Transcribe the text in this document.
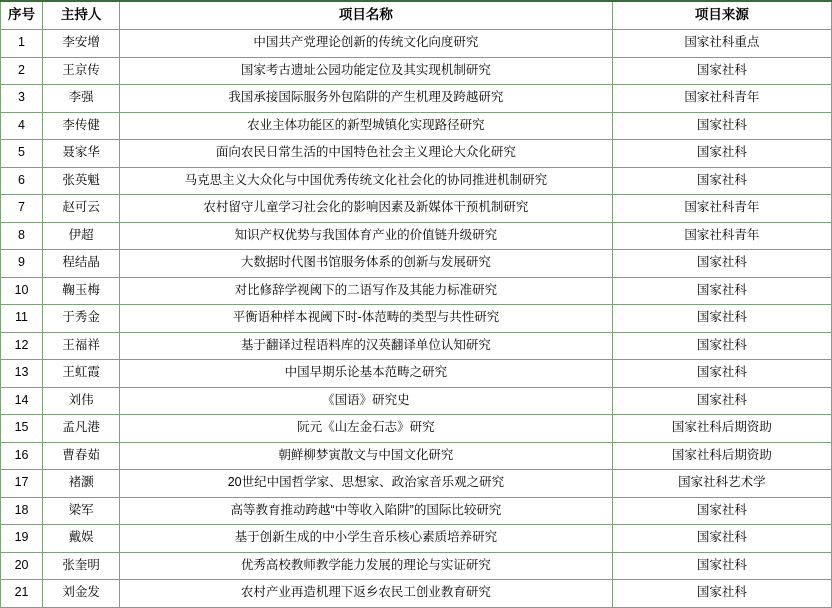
序号	主持人	项目名称	项目来源
1	李安增	中国共产党理论创新的传统文化向度研究	国家社科重点
2	王京传	国家考古遗址公园功能定位及其实现机制研究	国家社科
3	李强	我国承接国际服务外包陷阱的产生机理及跨越研究	国家社科青年
4	李传健	农业主体功能区的新型城镇化实现路径研究	国家社科
5	聂家华	面向农民日常生活的中国特色社会主义理论大众化研究	国家社科
6	张英魁	马克思主义大众化与中国优秀传统文化社会化的协同推进机制研究	国家社科
7	赵可云	农村留守儿童学习社会化的影响因素及新媒体干预机制研究	国家社科青年
8	伊超	知识产权优势与我国体育产业的价值链升级研究	国家社科青年
9	程结晶	大数据时代图书馆服务体系的创新与发展研究	国家社科
10	鞠玉梅	对比修辞学视阈下的二语写作及其能力标准研究	国家社科
11	于秀金	平衡语种样本视阈下时-体范畴的类型与共性研究	国家社科
12	王福祥	基于翻译过程语料库的汉英翻译单位认知研究	国家社科
13	王虹霞	中国早期乐论基本范畴之研究	国家社科
14	刘伟	《国语》研究史	国家社科
15	孟凡港	阮元《山左金石志》研究	国家社科后期资助
16	曹春茹	朝鲜柳梦寅散文与中国文化研究	国家社科后期资助
17	褚灏	20世纪中国哲学家、思想家、政治家音乐观之研究	国家社科艺术学
18	梁军	高等教育推动跨越“中等收入陷阱”的国际比较研究	国家社科
19	戴娱	基于创新生成的中小学生音乐核心素质培养研究	国家社科
20	张奎明	优秀高校教师教学能力发展的理论与实证研究	国家社科
21	刘金发	农村产业再造机理下返乡农民工创业教育研究	国家社科
